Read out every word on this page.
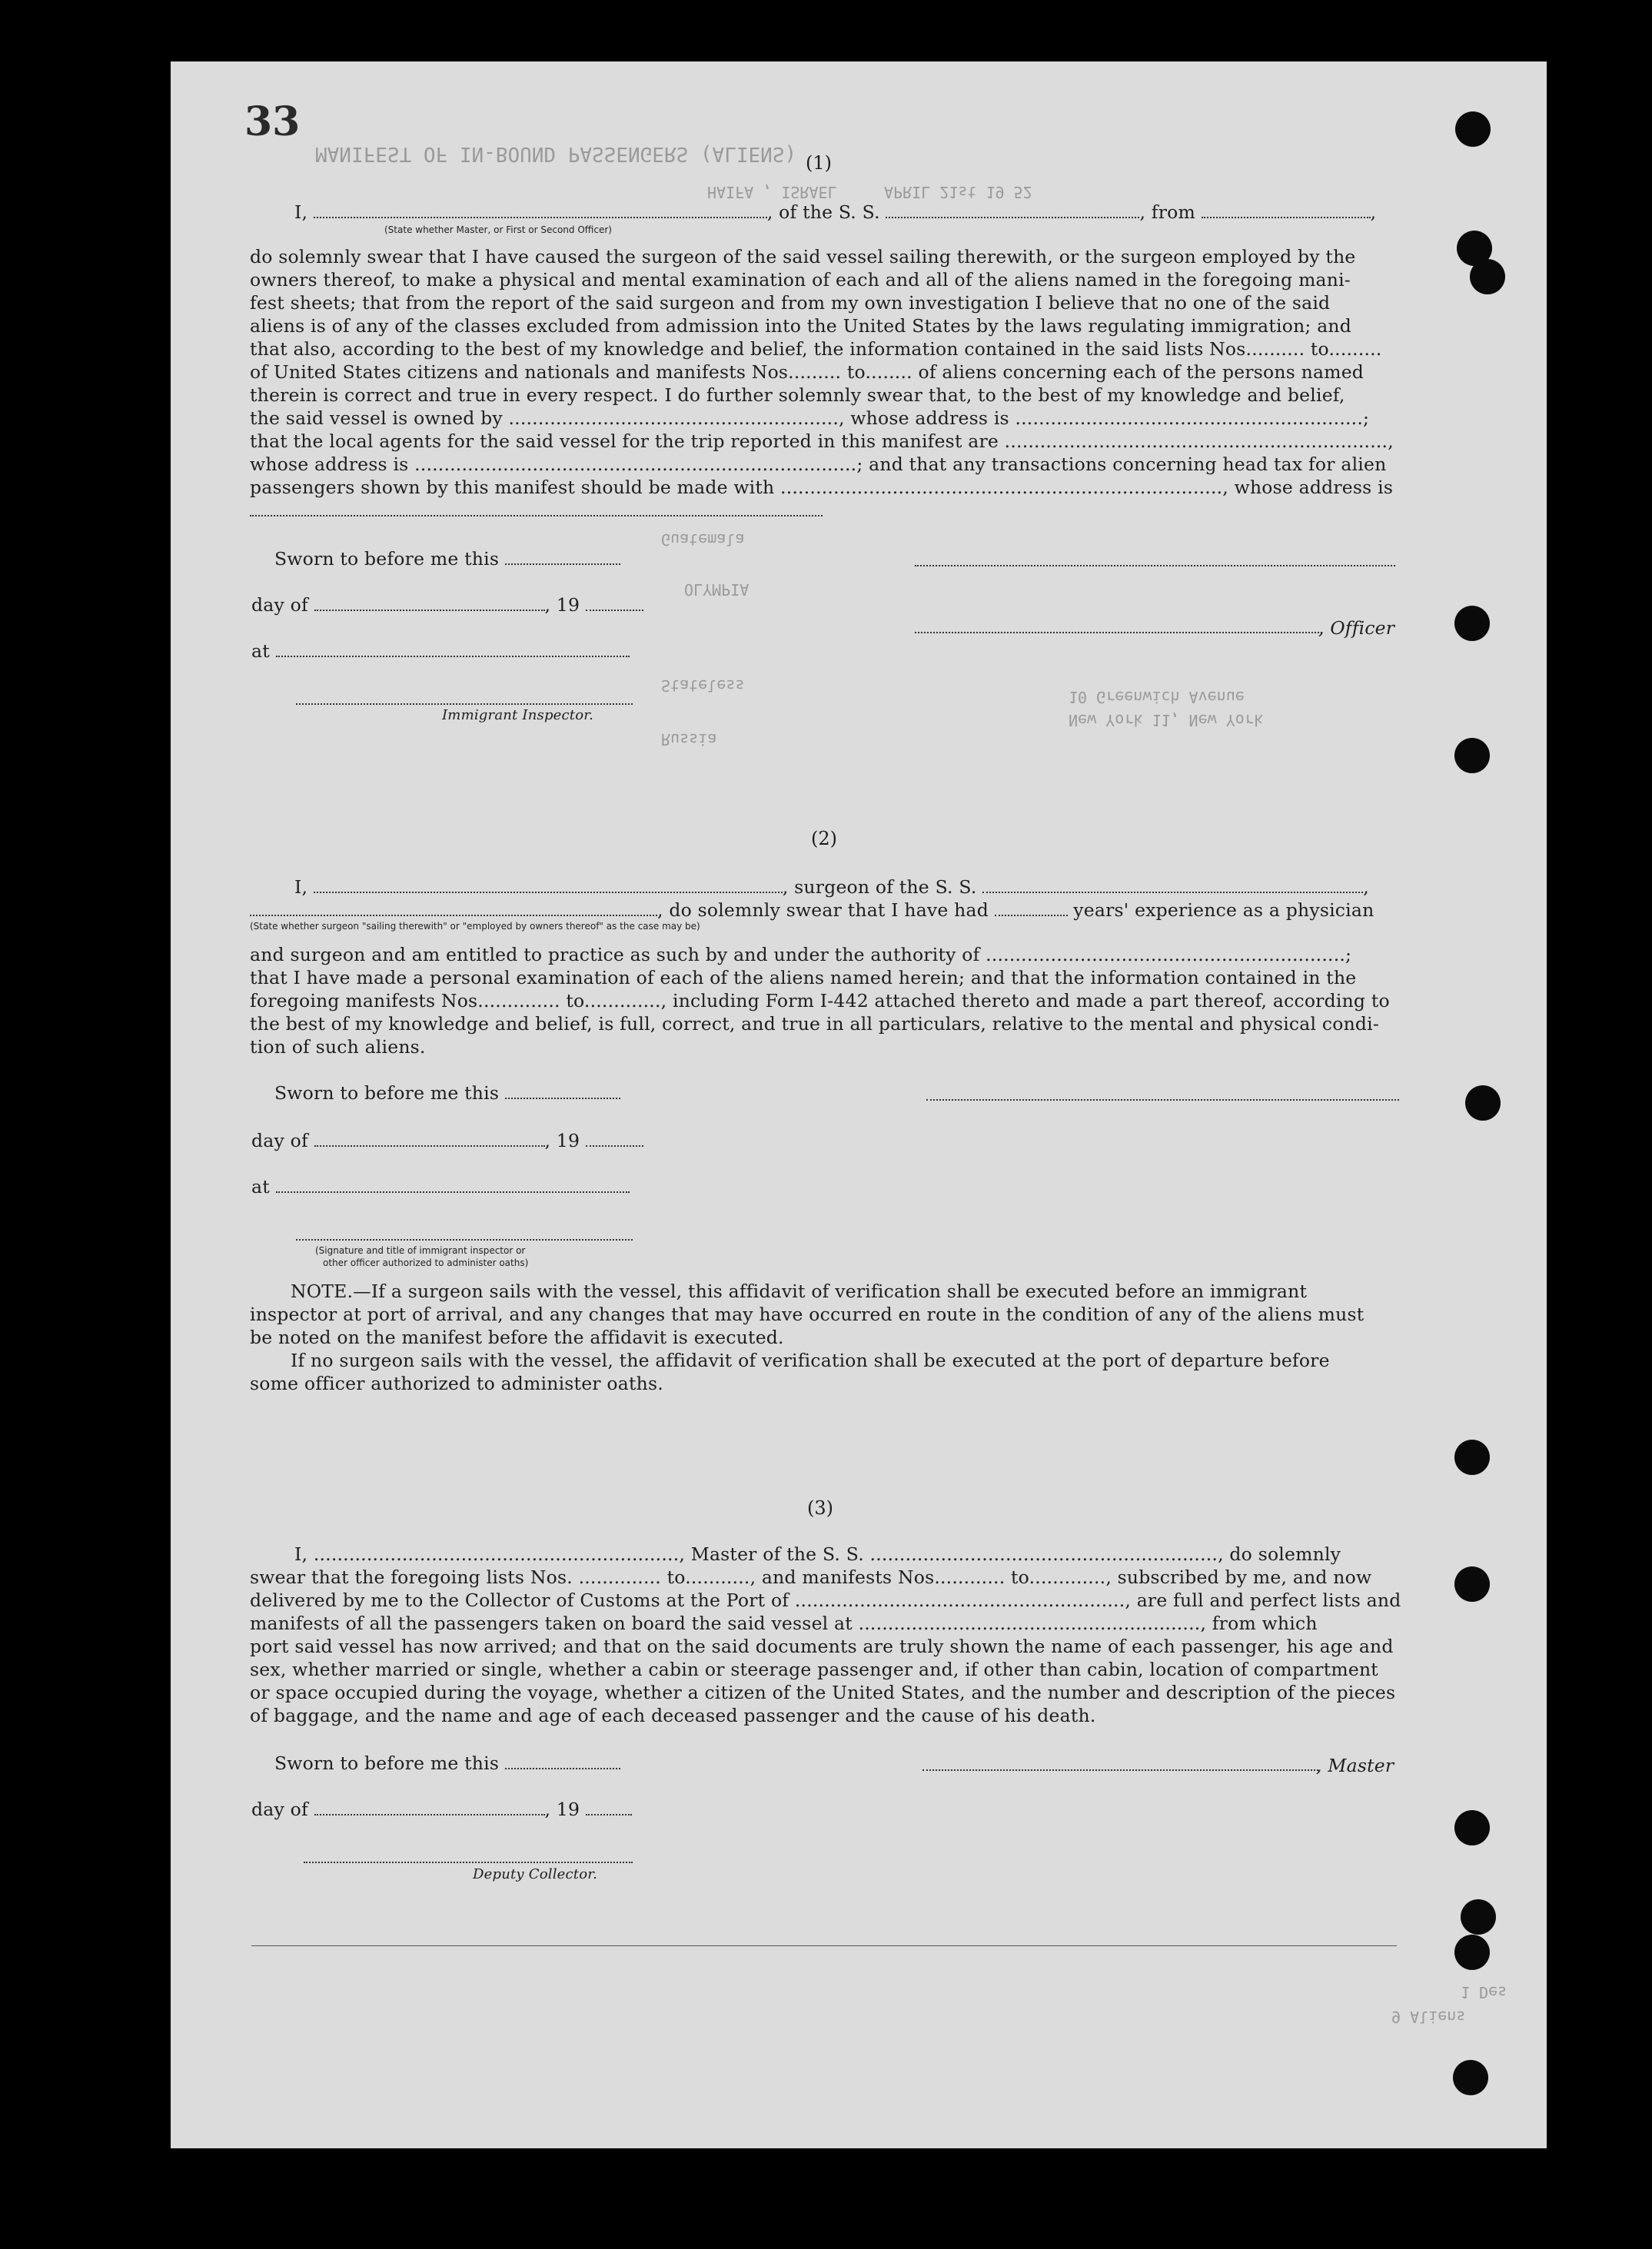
33
MANIFEST OF IN-BOUND PASSENGERS (ALIENS)
HAIFA , ISRAEL	APRIL 21st 19 52
OLYMPIA
Guatemala
Stateless
Russia
10 Greenwich Avenue
New York 11, New York
1 Des
9 Aliens
(1)
I,	, of the S. S.	, from	,
(State whether Master, or First or Second Officer)
do solemnly swear that I have caused the surgeon of the said vessel sailing therewith, or the surgeon employed by the
owners thereof, to make a physical and mental examination of each and all of the aliens named in the foregoing mani-
fest sheets; that from the report of the said surgeon and from my own investigation I believe that no one of the said
aliens is of any of the classes excluded from admission into the United States by the laws regulating immigration; and
that also, according to the best of my knowledge and belief, the information contained in the said lists Nos.......... to.........
of United States citizens and nationals and manifests Nos......... to........ of aliens concerning each of the persons named
therein is correct and true in every respect. I do further solemnly swear that, to the best of my knowledge and belief,
the said vessel is owned by ........................................................, whose address is ...........................................................;
that the local agents for the said vessel for the trip reported in this manifest are .................................................................,
whose address is ...........................................................................; and that any transactions concerning head tax for alien
passengers shown by this manifest should be made with ..........................................................................., whose address is
Sworn to before me this
day of	, 19
at
Immigrant Inspector.
, Officer
(2)
I,	, surgeon of the S. S.	,
, do solemnly swear that I have had	years' experience as a physician
(State whether surgeon "sailing therewith" or "employed by owners thereof" as the case may be)
and surgeon and am entitled to practice as such by and under the authority of .............................................................;
that I have made a personal examination of each of the aliens named herein; and that the information contained in the
foregoing manifests Nos.............. to............., including Form I-442 attached thereto and made a part thereof, according to
the best of my knowledge and belief, is full, correct, and true in all particulars, relative to the mental and physical condi-
tion of such aliens.
Sworn to before me this
day of	, 19
at
(Signature and title of immigrant inspector or
other officer authorized to administer oaths)
NOTE.—If a surgeon sails with the vessel, this affidavit of verification shall be executed before an immigrant
inspector at port of arrival, and any changes that may have occurred en route in the condition of any of the aliens must
be noted on the manifest before the affidavit is executed.
If no surgeon sails with the vessel, the affidavit of verification shall be executed at the port of departure before
some officer authorized to administer oaths.
(3)
I, .............................................................., Master of the S. S. ..........................................................., do solemnly
swear that the foregoing lists Nos. .............. to..........., and manifests Nos............ to............., subscribed by me, and now
delivered by me to the Collector of Customs at the Port of ........................................................, are full and perfect lists and
manifests of all the passengers taken on board the said vessel at .........................................................., from which
port said vessel has now arrived; and that on the said documents are truly shown the name of each passenger, his age and
sex, whether married or single, whether a cabin or steerage passenger and, if other than cabin, location of compartment
or space occupied during the voyage, whether a citizen of the United States, and the number and description of the pieces
of baggage, and the name and age of each deceased passenger and the cause of his death.
Sworn to before me this	, Master
day of	, 19
Deputy Collector.
